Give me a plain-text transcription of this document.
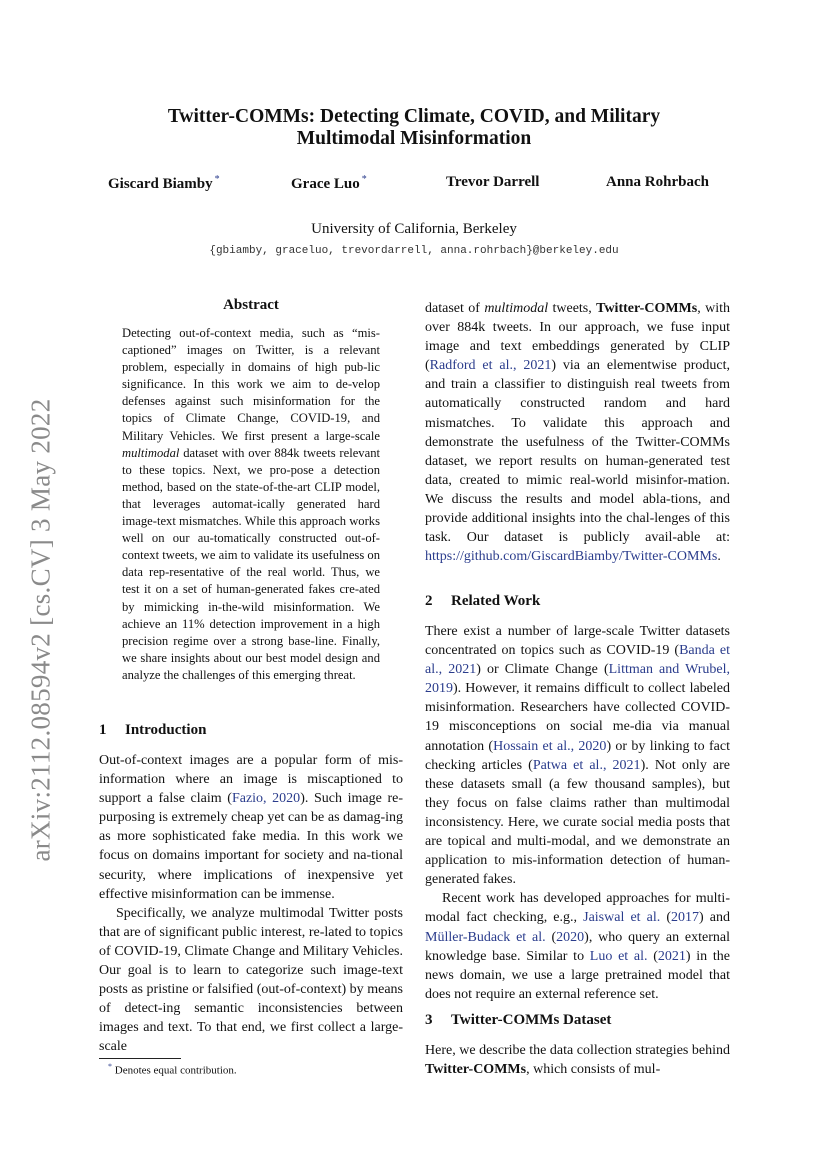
arXiv:2112.08594v2 [cs.CV] 3 May 2022
Twitter-COMMs: Detecting Climate, COVID, and Military
Multimodal Misinformation
Giscard Biamby *	Grace Luo *	Trevor Darrell	Anna Rohrbach
University of California, Berkeley
{gbiamby, graceluo, trevordarrell, anna.rohrbach}@berkeley.edu
Abstract
Detecting out-of-context media, such as “mis-captioned” images on Twitter, is a relevant problem, especially in domains of high pub-lic significance. In this work we aim to de-velop defenses against such misinformation for the topics of Climate Change, COVID-19, and Military Vehicles. We first present a large-scale multimodal dataset with over 884k tweets relevant to these topics. Next, we pro-pose a detection method, based on the state-of-the-art CLIP model, that leverages automat-ically generated hard image-text mismatches. While this approach works well on our au-tomatically constructed out-of-context tweets, we aim to validate its usefulness on data rep-resentative of the real world. Thus, we test it on a set of human-generated fakes cre-ated by mimicking in-the-wild misinformation. We achieve an 11% detection improvement in a high precision regime over a strong base-line. Finally, we share insights about our best model design and analyze the challenges of this emerging threat.
1 Introduction

Out-of-context images are a popular form of mis-information where an image is miscaptioned to support a false claim (Fazio, 2020). Such image re-purposing is extremely cheap yet can be as damag-ing as more sophisticated fake media. In this work we focus on domains important for society and na-tional security, where implications of inexpensive yet effective misinformation can be immense.

Specifically, we analyze multimodal Twitter posts that are of significant public interest, re-lated to topics of COVID-19, Climate Change and Military Vehicles. Our goal is to learn to categorize such image-text posts as pristine or falsified (out-of-context) by means of detect-ing semantic inconsistencies between images and text. To that end, we first collect a large-scale

* Denotes equal contribution.

dataset of multimodal tweets, Twitter-COMMs, with over 884k tweets. In our approach, we fuse input image and text embeddings generated by CLIP (Radford et al., 2021) via an elementwise product, and train a classifier to distinguish real tweets from automatically constructed random and hard mismatches. To validate this approach and demonstrate the usefulness of the Twitter-COMMs dataset, we report results on human-generated test data, created to mimic real-world misinfor-mation. We discuss the results and model abla-tions, and provide additional insights into the chal-lenges of this task. Our dataset is publicly avail-able at: https://github.com/GiscardBiamby/Twitter-COMMs.

2 Related Work

There exist a number of large-scale Twitter datasets concentrated on topics such as COVID-19 (Banda et al., 2021) or Climate Change (Littman and Wrubel, 2019). However, it remains difficult to collect labeled misinformation. Researchers have collected COVID-19 misconceptions on social me-dia via manual annotation (Hossain et al., 2020) or by linking to fact checking articles (Patwa et al., 2021). Not only are these datasets small (a few thousand samples), but they focus on false claims rather than multimodal inconsistency. Here, we curate social media posts that are topical and multi-modal, and we demonstrate an application to mis-information detection of human-generated fakes.

Recent work has developed approaches for multi-modal fact checking, e.g., Jaiswal et al. (2017) and Müller-Budack et al. (2020), who query an external knowledge base. Similar to Luo et al. (2021) in the news domain, we use a large pretrained model that does not require an external reference set.

3 Twitter-COMMs Dataset

Here, we describe the data collection strategies behind Twitter-COMMs, which consists of mul-
